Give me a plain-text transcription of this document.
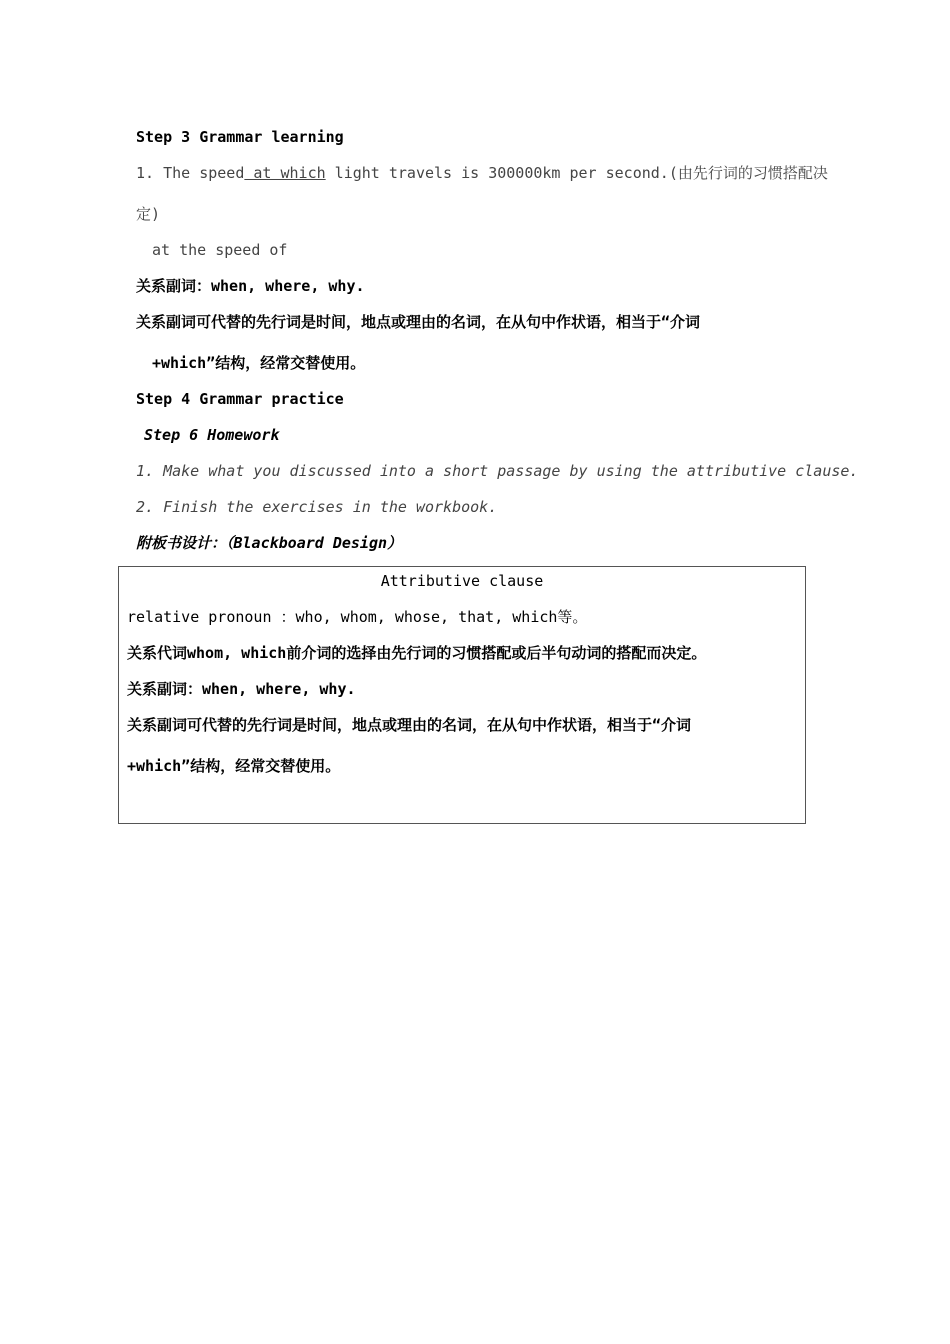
Step 3 Grammar learning
1. The speed at which light travels is 300000km per second.(由先行词的习惯搭配决
定)
at the speed of
关系副词：when, where, why.
关系副词可代替的先行词是时间，地点或理由的名词，在从句中作状语，相当于“介词
+which”结构，经常交替使用。
Step 4 Grammar practice
Step 6 Homework
1. Make what you discussed into a short passage by using the attributive clause.
2. Finish the exercises in the workbook.
附板书设计：（Blackboard Design）
Attributive clause
relative pronoun ：who, whom, whose, that, which等。
关系代词whom, which前介词的选择由先行词的习惯搭配或后半句动词的搭配而决定。
关系副词：when, where, why.
关系副词可代替的先行词是时间，地点或理由的名词，在从句中作状语，相当于“介词
+which”结构，经常交替使用。
